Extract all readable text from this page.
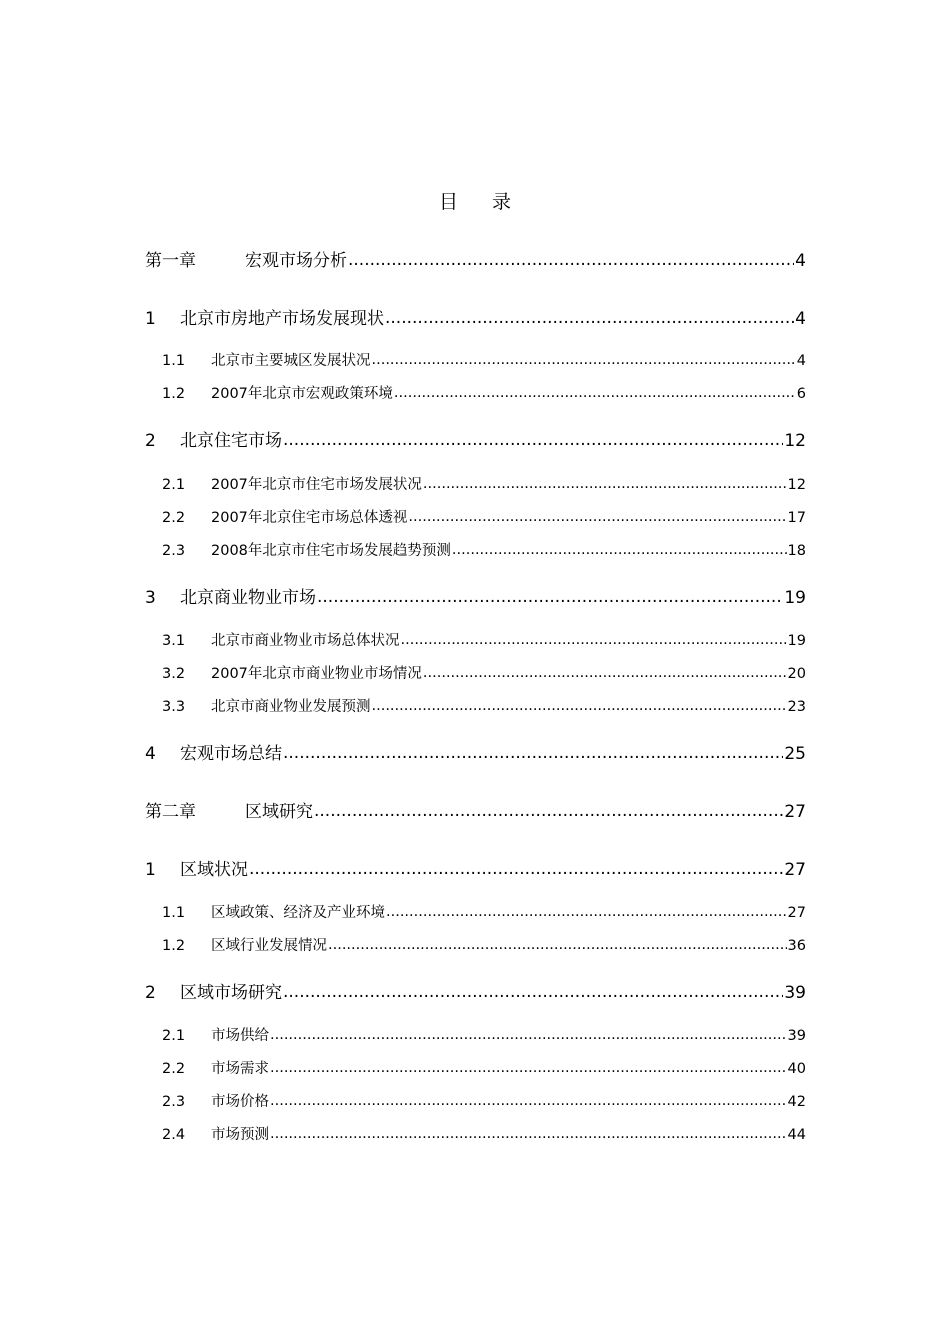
目 录
第一章	宏观市场分析 .....	4
1	北京市房地产市场发展现状 .....	4
1.1	北京市主要城区发展状况 .....	4
1.2	2007年北京市宏观政策环境 .....	6
2	北京住宅市场 .....	12
2.1	2007年北京市住宅市场发展状况 .....	12
2.2	2007年北京住宅市场总体透视 .....	17
2.3	2008年北京市住宅市场发展趋势预测 .....	18
3	北京商业物业市场 .....	19
3.1	北京市商业物业市场总体状况 .....	19
3.2	2007年北京市商业物业市场情况 .....	20
3.3	北京市商业物业发展预测 .....	23
4	宏观市场总结 .....	25
第二章	区域研究 .....	27
1	区域状况 .....	27
1.1	区域政策、经济及产业环境 .....	27
1.2	区域行业发展情况 .....	36
2	区域市场研究 .....	39
2.1	市场供给 .....	39
2.2	市场需求 .....	40
2.3	市场价格 .....	42
2.4	市场预测 .....	44
